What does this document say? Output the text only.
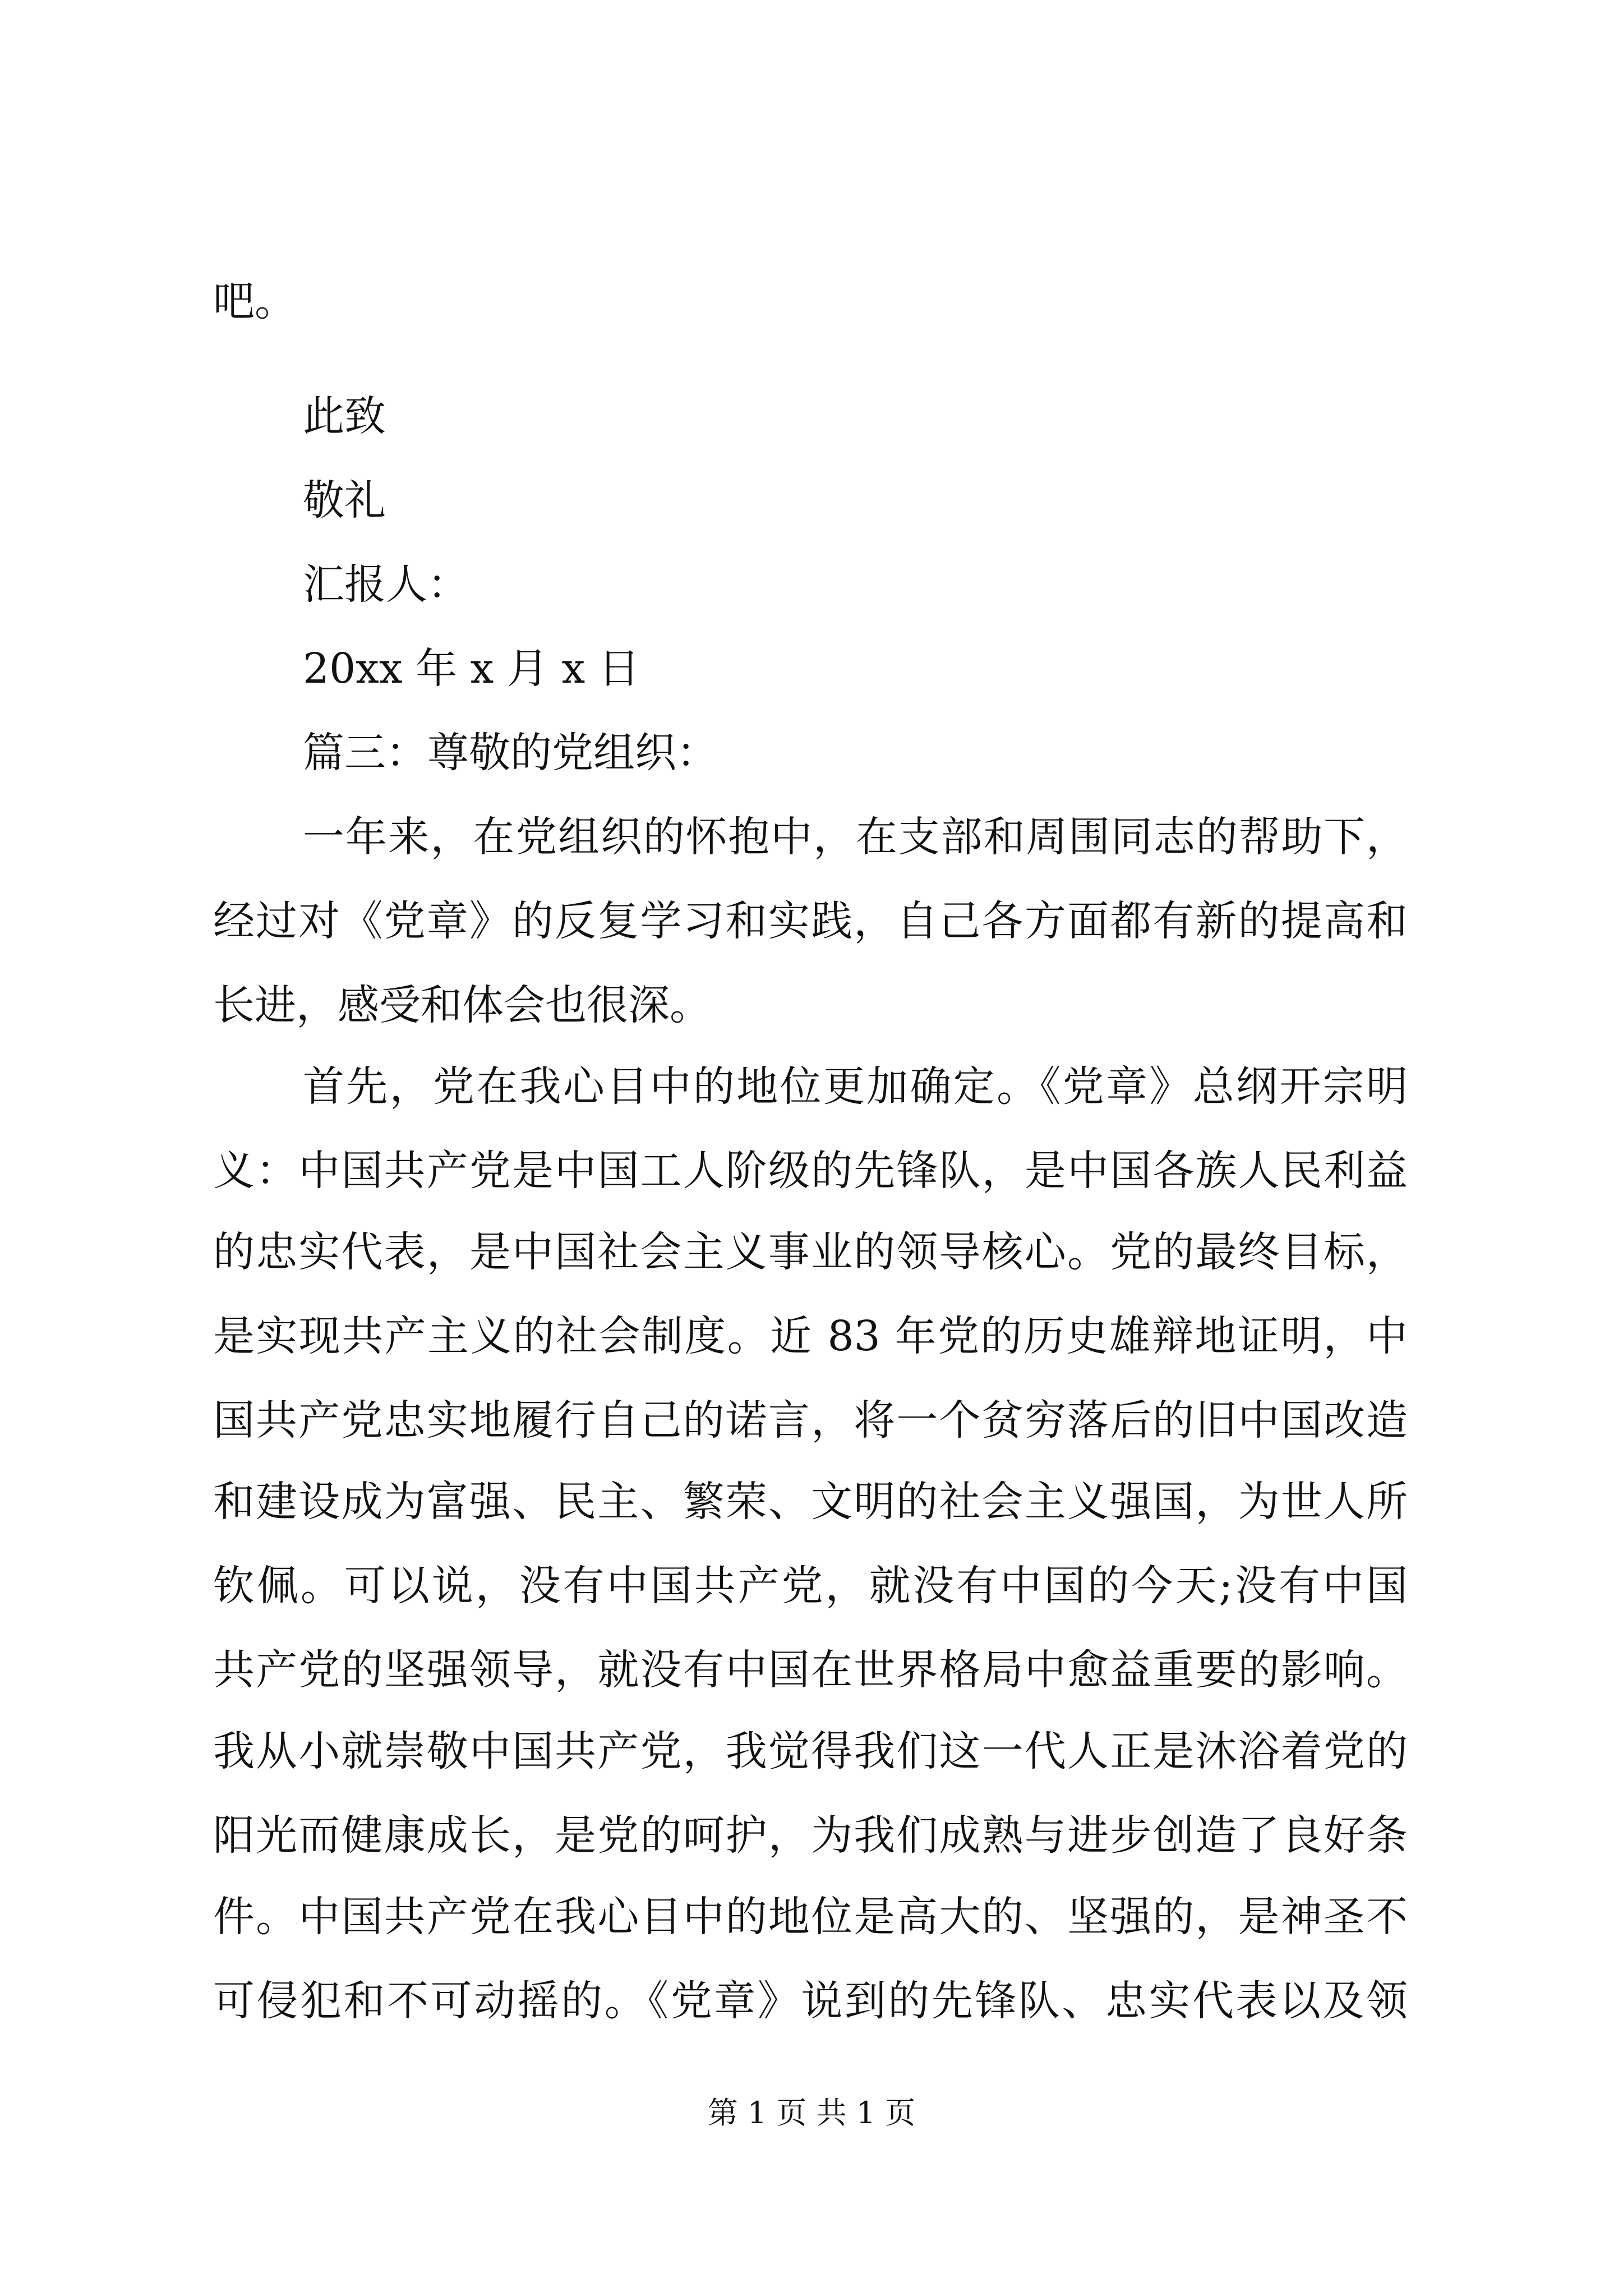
吧。
此致
敬礼
汇报人：
20xx 年 x 月 x 日
篇三：尊敬的党组织：
一年来，在党组织的怀抱中，在支部和周围同志的帮助下，
经过对《党章》的反复学习和实践，自己各方面都有新的提高和
长进，感受和体会也很深。
首先，党在我心目中的地位更加确定。《党章》总纲开宗明
义：中国共产党是中国工人阶级的先锋队，是中国各族人民利益
的忠实代表，是中国社会主义事业的领导核心。党的最终目标，
是实现共产主义的社会制度。近 83 年党的历史雄辩地证明，中
国共产党忠实地履行自己的诺言，将一个贫穷落后的旧中国改造
和建设成为富强、民主、繁荣、文明的社会主义强国，为世人所
钦佩。可以说，没有中国共产党，就没有中国的今天;没有中国
共产党的坚强领导，就没有中国在世界格局中愈益重要的影响。
我从小就崇敬中国共产党，我觉得我们这一代人正是沐浴着党的
阳光而健康成长，是党的呵护，为我们成熟与进步创造了良好条
件。中国共产党在我心目中的地位是高大的、坚强的，是神圣不
可侵犯和不可动摇的。《党章》说到的先锋队、忠实代表以及领
第 1 页 共 1 页
